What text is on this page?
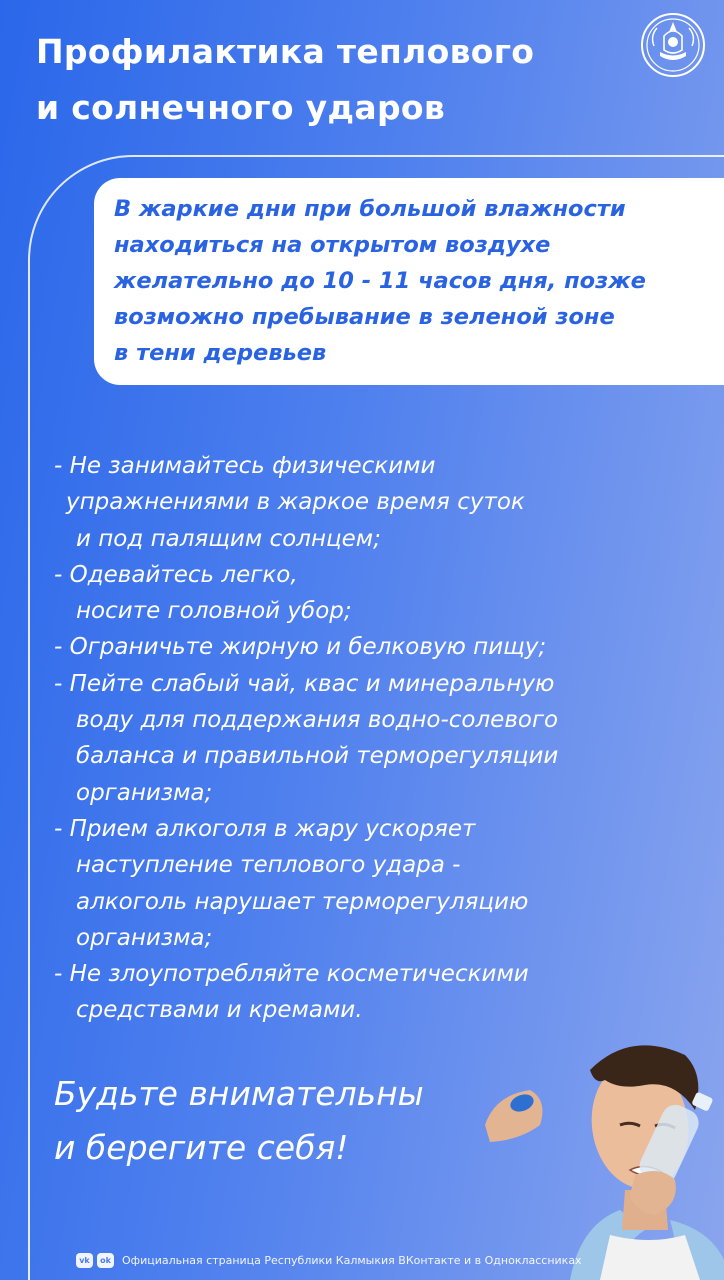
Профилактика теплового
и солнечного ударов
В жаркие дни при большой влажности
находиться на открытом воздухе
желательно до 10 - 11 часов дня, позже
возможно пребывание в зеленой зоне
в тени деревьев
- Не занимайтесь физическими
упражнениями в жаркое время суток
и под палящим солнцем;
- Одевайтесь легко,
носите головной убор;
- Ограничьте жирную и белковую пищу;
- Пейте слабый чай, квас и минеральную
воду для поддержания водно-солевого
баланса и правильной терморегуляции
организма;
- Прием алкоголя в жару ускоряет
наступление теплового удара -
алкоголь нарушает терморегуляцию
организма;
- Не злоупотребляйте косметическими
средствами и кремами.
Будьте внимательны
и берегите себя!
vk	ok Официальная страница Республики Калмыкия ВКонтакте и в Одноклассниках
